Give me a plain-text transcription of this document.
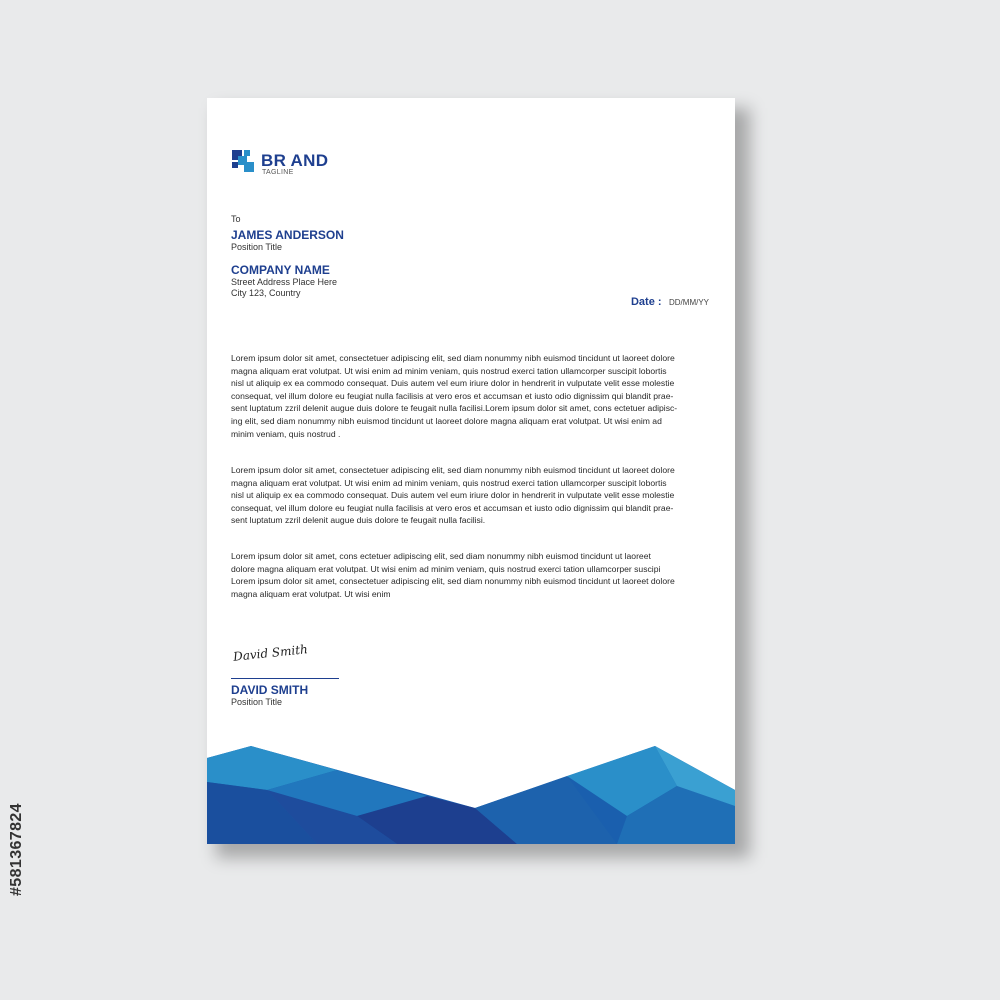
BR AND
TAGLINE
To
JAMES ANDERSON
Position Title
COMPANY NAME
Street Address Place Here
City 123, Country
Date : DD/MM/YY

Lorem ipsum dolor sit amet, consectetuer adipiscing elit, sed diam nonummy nibh euismod tincidunt ut laoreet dolore

magna aliquam erat volutpat. Ut wisi enim ad minim veniam, quis nostrud exerci tation ullamcorper suscipit lobortis

nisl ut aliquip ex ea commodo consequat. Duis autem vel eum iriure dolor in hendrerit in vulputate velit esse molestie

consequat, vel illum dolore eu feugiat nulla facilisis at vero eros et accumsan et iusto odio dignissim qui blandit prae-

sent luptatum zzril delenit augue duis dolore te feugait nulla facilisi.Lorem ipsum dolor sit amet, cons ectetuer adipisc-

ing elit, sed diam nonummy nibh euismod tincidunt ut laoreet dolore magna aliquam erat volutpat. Ut wisi enim ad

minim veniam, quis nostrud .

Lorem ipsum dolor sit amet, consectetuer adipiscing elit, sed diam nonummy nibh euismod tincidunt ut laoreet dolore

magna aliquam erat volutpat. Ut wisi enim ad minim veniam, quis nostrud exerci tation ullamcorper suscipit lobortis

nisl ut aliquip ex ea commodo consequat. Duis autem vel eum iriure dolor in hendrerit in vulputate velit esse molestie

consequat, vel illum dolore eu feugiat nulla facilisis at vero eros et accumsan et iusto odio dignissim qui blandit prae-

sent luptatum zzril delenit augue duis dolore te feugait nulla facilisi.

Lorem ipsum dolor sit amet, cons ectetuer adipiscing elit, sed diam nonummy nibh euismod tincidunt ut laoreet

dolore magna aliquam erat volutpat. Ut wisi enim ad minim veniam, quis nostrud exerci tation ullamcorper suscipi

Lorem ipsum dolor sit amet, consectetuer adipiscing elit, sed diam nonummy nibh euismod tincidunt ut laoreet dolore

magna aliquam erat volutpat. Ut wisi enim

David Smith
DAVID SMITH
Position Title
#581367824
